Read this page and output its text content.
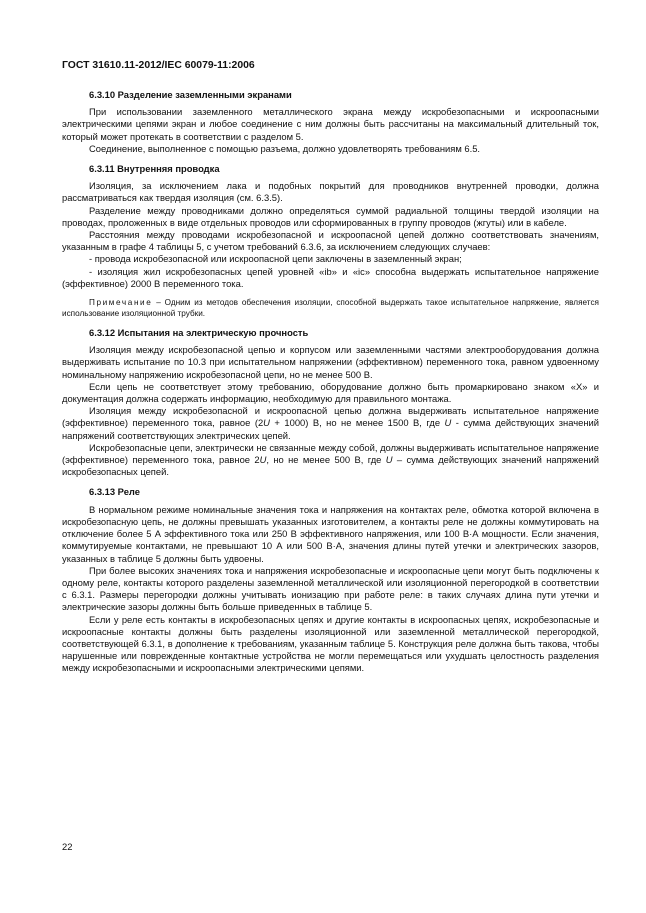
ГОСТ 31610.11-2012/IEC 60079-11:2006
6.3.10 Разделение заземленными экранами

При использовании заземленного металлического экрана между искробезопасными и искроопасными электрическими цепями экран и любое соединение с ним должны быть рассчитаны на максимальный длительный ток, который может протекать в соответствии с разделом 5.

Соединение, выполненное с помощью разъема, должно удовлетворять требованиям 6.5.

6.3.11 Внутренняя проводка

Изоляция, за исключением лака и подобных покрытий для проводников внутренней проводки, должна рассматриваться как твердая изоляция (см. 6.3.5).

Разделение между проводниками должно определяться суммой радиальной толщины твердой изоляции на проводах, проложенных в виде отдельных проводов или сформированных в группу проводов (жгуты) или в кабеле.

Расстояния между проводами искробезопасной и искроопасной цепей должно соответствовать значениям, указанным в графе 4 таблицы 5, с учетом требований 6.3.6, за исключением следующих случаев:

- провода искробезопасной или искроопасной цепи заключены в заземленный экран;

- изоляция жил искробезопасных цепей уровней «ib» и «ic» способна выдержать испытательное напряжение (эффективное) 2000 В переменного тока.

Примечание – Одним из методов обеспечения изоляции, способной выдержать такое испытательное напряжение, является использование изоляционной трубки.

6.3.12 Испытания на электрическую прочность

Изоляция между искробезопасной цепью и корпусом или заземленными частями электрооборудования должна выдерживать испытание по 10.3 при испытательном напряжении (эффективном) переменного тока, равном удвоенному номинальному напряжению искробезопасной цепи, но не менее 500 В.

Если цепь не соответствует этому требованию, оборудование должно быть промаркировано знаком «X» и документация должна содержать информацию, необходимую для правильного монтажа.

Изоляция между искробезопасной и искроопасной цепью должна выдерживать испытательное напряжение (эффективное) переменного тока, равное (2U + 1000) В, но не менее 1500 В, где U - сумма действующих значений напряжений соответствующих электрических цепей.

Искробезопасные цепи, электрически не связанные между собой, должны выдерживать испытательное напряжение (эффективное) переменного тока, равное 2U, но не менее 500 В, где U – сумма действующих значений напряжений искробезопасных цепей.

6.3.13 Реле

В нормальном режиме номинальные значения тока и напряжения на контактах реле, обмотка которой включена в искробезопасную цепь, не должны превышать указанных изготовителем, а контакты реле не должны коммутировать на отключение более 5 А эффективного тока или 250 В эффективного напряжения, или 100 В·А мощности. Если значения, коммутируемые контактами, не превышают 10 А или 500 В·А, значения длины путей утечки и электрических зазоров, указанных в таблице 5 должны быть удвоены.

При более высоких значениях тока и напряжения искробезопасные и искроопасные цепи могут быть подключены к одному реле, контакты которого разделены заземленной металлической или изоляционной перегородкой в соответствии с 6.3.1. Размеры перегородки должны учитывать ионизацию при работе реле: в таких случаях длина пути утечки и электрические зазоры должны быть больше приведенных в таблице 5.

Если у реле есть контакты в искробезопасных цепях и другие контакты в искроопасных цепях, искробезопасные и искроопасные контакты должны быть разделены изоляционной или заземленной металлической перегородкой, соответствующей 6.3.1, в дополнение к требованиям, указанным таблице 5. Конструкция реле должна быть такова, чтобы нарушенные или поврежденные контактные устройства не могли перемещаться или ухудшать целостность разделения между искробезопасными и искроопасными электрическими цепями.

22
